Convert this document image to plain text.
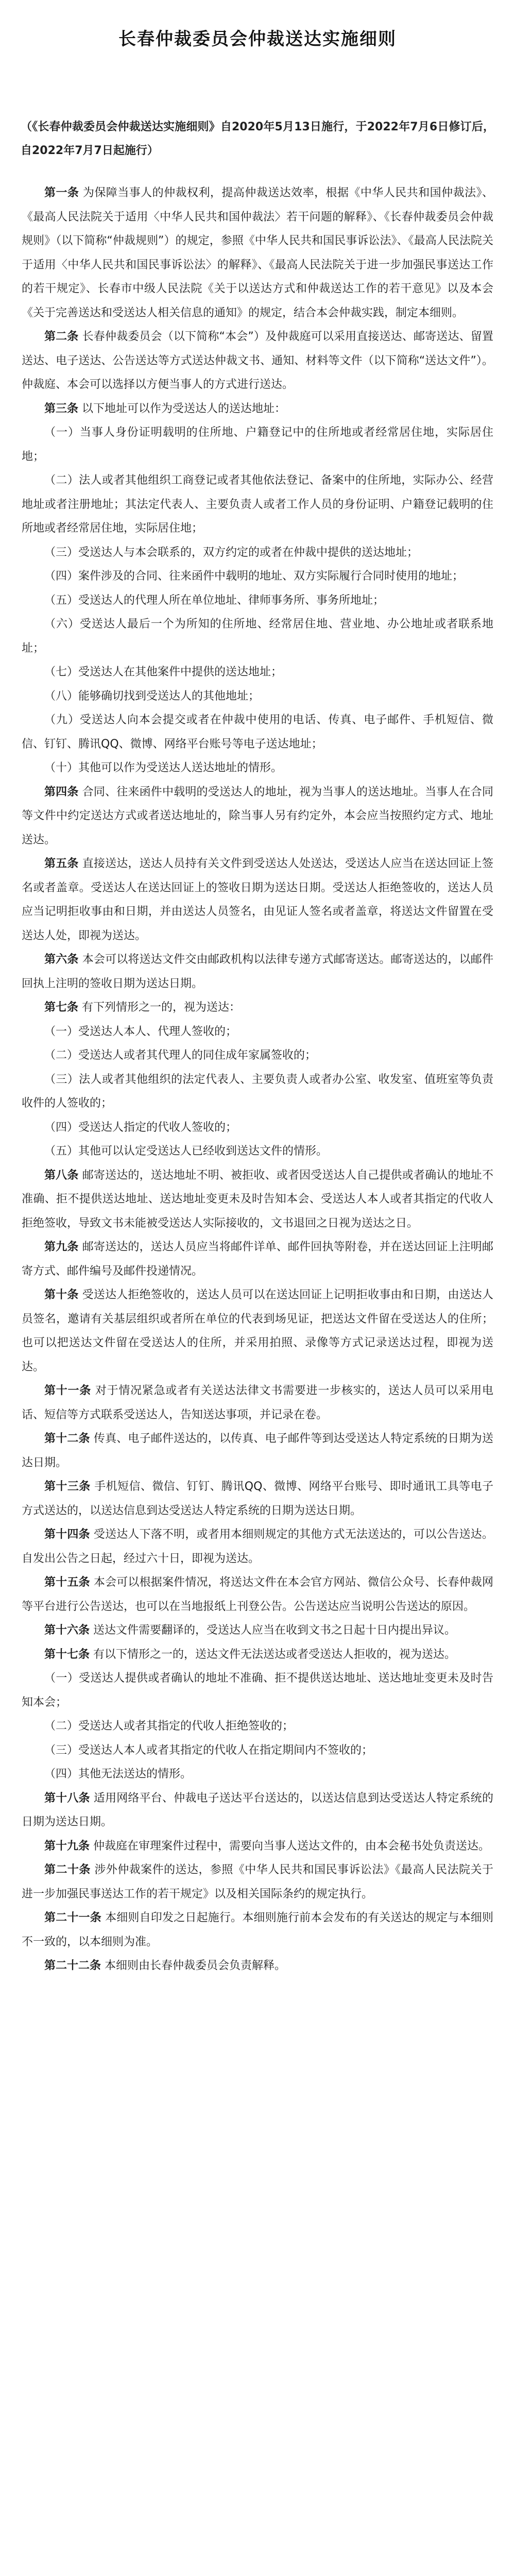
长春仲裁委员会仲裁送达实施细则
（《长春仲裁委员会仲裁送达实施细则》自2020年5月13日施行，于2022年7月6日修订后，自2022年7月7日起施行）

第一条 为保障当事人的仲裁权利，提高仲裁送达效率，根据《中华人民共和国仲裁法》、《最高人民法院关于适用〈中华人民共和国仲裁法〉若干问题的解释》、《长春仲裁委员会仲裁规则》（以下简称“仲裁规则”）的规定，参照《中华人民共和国民事诉讼法》、《最高人民法院关于适用〈中华人民共和国民事诉讼法〉的解释》、《最高人民法院关于进一步加强民事送达工作的若干规定》、长春市中级人民法院《关于以送达方式和仲裁送达工作的若干意见》以及本会《关于完善送达和受送达人相关信息的通知》的规定，结合本会仲裁实践，制定本细则。

第二条 长春仲裁委员会（以下简称“本会”）及仲裁庭可以采用直接送达、邮寄送达、留置送达、电子送达、公告送达等方式送达仲裁文书、通知、材料等文件（以下简称“送达文件”）。仲裁庭、本会可以选择以方便当事人的方式进行送达。

第三条 以下地址可以作为受送达人的送达地址：

（一）当事人身份证明载明的住所地、户籍登记中的住所地或者经常居住地，实际居住地；

（二）法人或者其他组织工商登记或者其他依法登记、备案中的住所地，实际办公、经营地址或者注册地址；其法定代表人、主要负责人或者工作人员的身份证明、户籍登记载明的住所地或者经常居住地，实际居住地；

（三）受送达人与本会联系的，双方约定的或者在仲裁中提供的送达地址；

（四）案件涉及的合同、往来函件中载明的地址、双方实际履行合同时使用的地址；

（五）受送达人的代理人所在单位地址、律师事务所、事务所地址；

（六）受送达人最后一个为所知的住所地、经常居住地、营业地、办公地址或者联系地址；

（七）受送达人在其他案件中提供的送达地址；

（八）能够确切找到受送达人的其他地址；

（九）受送达人向本会提交或者在仲裁中使用的电话、传真、电子邮件、手机短信、微信、钉钉、腾讯QQ、微博、网络平台账号等电子送达地址；

（十）其他可以作为受送达人送达地址的情形。

第四条 合同、往来函件中载明的受送达人的地址，视为当事人的送达地址。当事人在合同等文件中约定送达方式或者送达地址的，除当事人另有约定外，本会应当按照约定方式、地址送达。

第五条 直接送达，送达人员持有关文件到受送达人处送达，受送达人应当在送达回证上签名或者盖章。受送达人在送达回证上的签收日期为送达日期。受送达人拒绝签收的，送达人员应当记明拒收事由和日期，并由送达人员签名，由见证人签名或者盖章，将送达文件留置在受送达人处，即视为送达。

第六条 本会可以将送达文件交由邮政机构以法律专递方式邮寄送达。邮寄送达的，以邮件回执上注明的签收日期为送达日期。

第七条 有下列情形之一的，视为送达：

（一）受送达人本人、代理人签收的；

（二）受送达人或者其代理人的同住成年家属签收的；

（三）法人或者其他组织的法定代表人、主要负责人或者办公室、收发室、值班室等负责收件的人签收的；

（四）受送达人指定的代收人签收的；

（五）其他可以认定受送达人已经收到送达文件的情形。

第八条 邮寄送达的，送达地址不明、被拒收、或者因受送达人自己提供或者确认的地址不准确、拒不提供送达地址、送达地址变更未及时告知本会、受送达人本人或者其指定的代收人拒绝签收，导致文书未能被受送达人实际接收的，文书退回之日视为送达之日。

第九条 邮寄送达的，送达人员应当将邮件详单、邮件回执等附卷，并在送达回证上注明邮寄方式、邮件编号及邮件投递情况。

第十条 受送达人拒绝签收的，送达人员可以在送达回证上记明拒收事由和日期，由送达人员签名，邀请有关基层组织或者所在单位的代表到场见证，把送达文件留在受送达人的住所；也可以把送达文件留在受送达人的住所，并采用拍照、录像等方式记录送达过程，即视为送达。

第十一条 对于情况紧急或者有关送达法律文书需要进一步核实的，送达人员可以采用电话、短信等方式联系受送达人，告知送达事项，并记录在卷。

第十二条 传真、电子邮件送达的，以传真、电子邮件等到达受送达人特定系统的日期为送达日期。

第十三条 手机短信、微信、钉钉、腾讯QQ、微博、网络平台账号、即时通讯工具等电子方式送达的，以送达信息到达受送达人特定系统的日期为送达日期。

第十四条 受送达人下落不明，或者用本细则规定的其他方式无法送达的，可以公告送达。自发出公告之日起，经过六十日，即视为送达。

第十五条 本会可以根据案件情况，将送达文件在本会官方网站、微信公众号、长春仲裁网等平台进行公告送达，也可以在当地报纸上刊登公告。公告送达应当说明公告送达的原因。

第十六条 送达文件需要翻译的，受送达人应当在收到文书之日起十日内提出异议。

第十七条 有以下情形之一的，送达文件无法送达或者受送达人拒收的，视为送达。

（一）受送达人提供或者确认的地址不准确、拒不提供送达地址、送达地址变更未及时告知本会；

（二）受送达人或者其指定的代收人拒绝签收的；

（三）受送达人本人或者其指定的代收人在指定期间内不签收的；

（四）其他无法送达的情形。

第十八条 适用网络平台、仲裁电子送达平台送达的，以送达信息到达受送达人特定系统的日期为送达日期。

第十九条 仲裁庭在审理案件过程中，需要向当事人送达文件的，由本会秘书处负责送达。

第二十条 涉外仲裁案件的送达，参照《中华人民共和国民事诉讼法》《最高人民法院关于进一步加强民事送达工作的若干规定》以及相关国际条约的规定执行。

第二十一条 本细则自印发之日起施行。本细则施行前本会发布的有关送达的规定与本细则不一致的，以本细则为准。

第二十二条 本细则由长春仲裁委员会负责解释。
